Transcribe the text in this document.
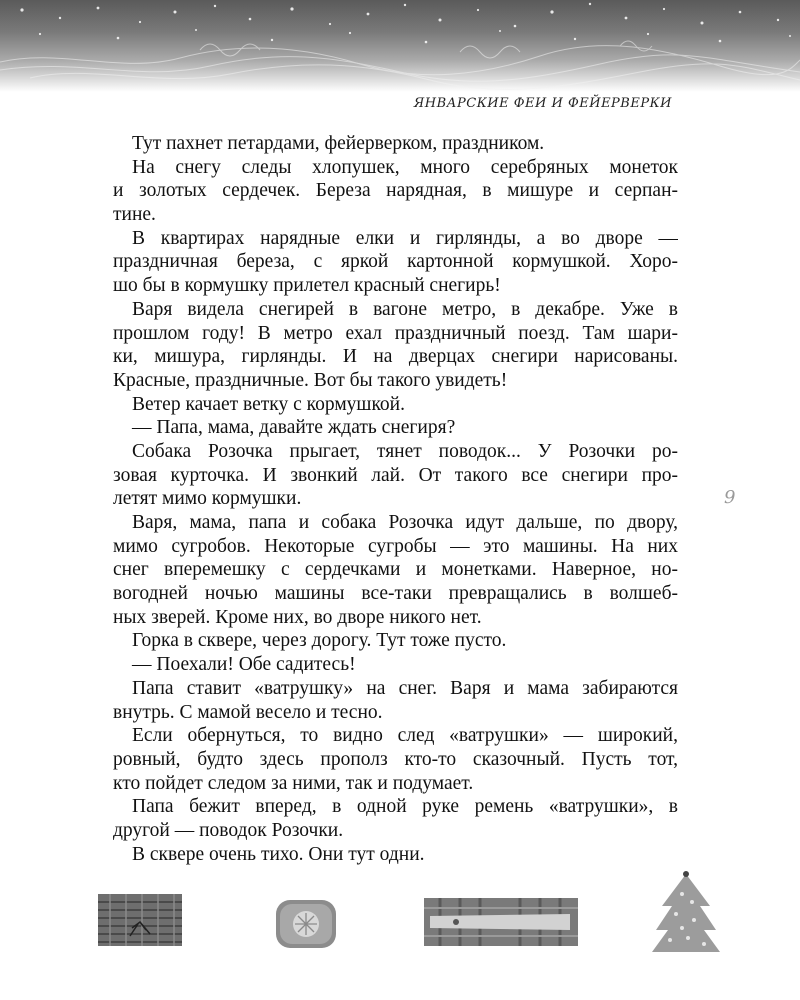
ЯНВАРСКИЕ ФЕИ И ФЕЙЕРВЕРКИ
Тут пахнет петардами, фейерверком, праздником.
На снегу следы хлопушек, много серебряных монеток
и золотых сердечек. Береза нарядная, в мишуре и серпан-
тине.
В квартирах нарядные елки и гирлянды, а во дворе —
праздничная береза, с яркой картонной кормушкой. Хоро-
шо бы в кормушку прилетел красный снегирь!
Варя видела снегирей в вагоне метро, в декабре. Уже в
прошлом году! В метро ехал праздничный поезд. Там шари-
ки, мишура, гирлянды. И на дверцах снегири нарисованы.
Красные, праздничные. Вот бы такого увидеть!
Ветер качает ветку с кормушкой.
— Папа, мама, давайте ждать снегиря?
Собака Розочка прыгает, тянет поводок... У Розочки ро-
зовая курточка. И звонкий лай. От такого все снегири про-
летят мимо кормушки.
Варя, мама, папа и собака Розочка идут дальше, по двору,
мимо сугробов. Некоторые сугробы — это машины. На них
снег вперемешку с сердечками и монетками. Наверное, но-
вогодней ночью машины все-таки превращались в волшеб-
ных зверей. Кроме них, во дворе никого нет.
Горка в сквере, через дорогу. Тут тоже пусто.
— Поехали! Обе садитесь!
Папа ставит «ватрушку» на снег. Варя и мама забираются
внутрь. С мамой весело и тесно.
Если обернуться, то видно след «ватрушки» — широкий,
ровный, будто здесь прополз кто-то сказочный. Пусть тот,
кто пойдет следом за ними, так и подумает.
Папа бежит вперед, в одной руке ремень «ватрушки», в
другой — поводок Розочки.
В сквере очень тихо. Они тут одни.
9
